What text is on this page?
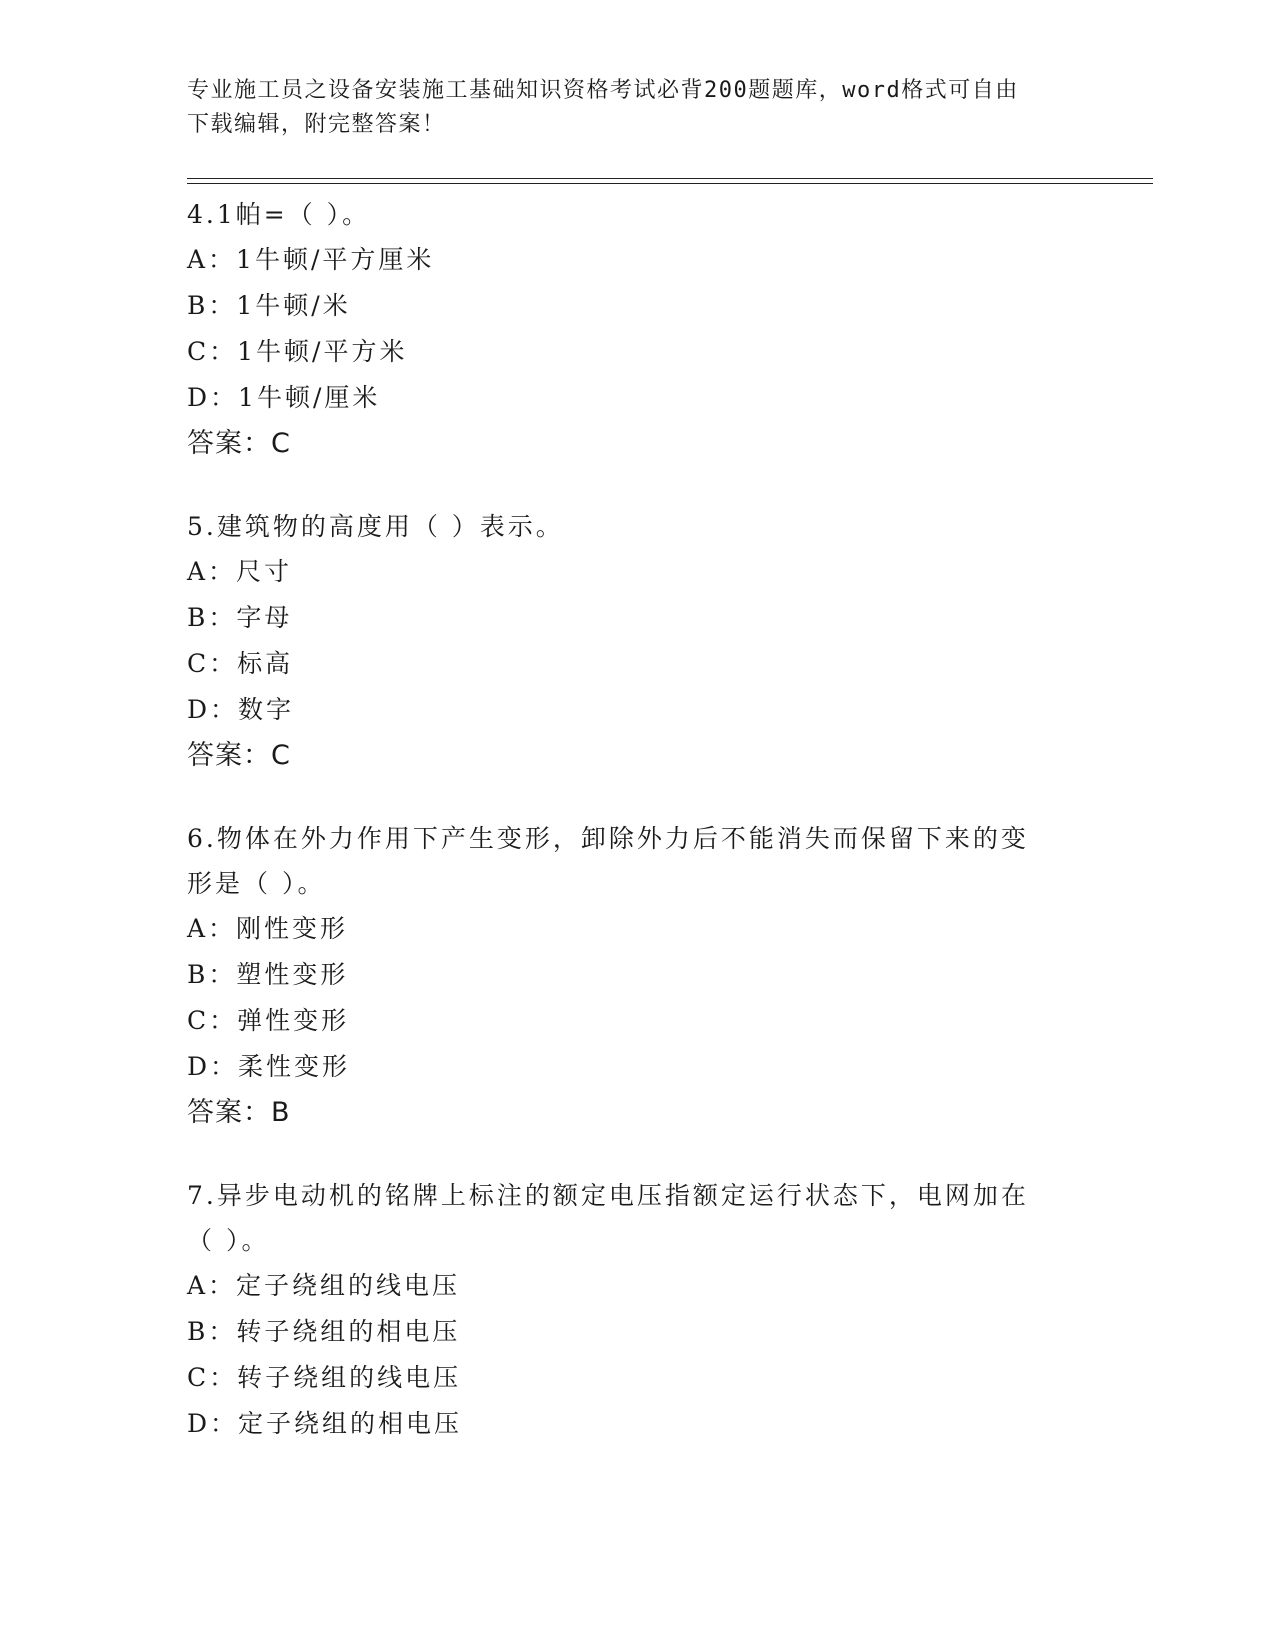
专业施工员之设备安装施工基础知识资格考试必背200题题库，word格式可自由
下载编辑，附完整答案！
4.1帕=（ ）。
A：1牛顿/平方厘米
B：1牛顿/米
C：1牛顿/平方米
D：1牛顿/厘米
答案：C
5.建筑物的高度用（ ）表示。
A：尺寸
B：字母
C：标高
D：数字
答案：C
6.物体在外力作用下产生变形，卸除外力后不能消失而保留下来的变
形是（ ）。
A：刚性变形
B：塑性变形
C：弹性变形
D：柔性变形
答案：B
7.异步电动机的铭牌上标注的额定电压指额定运行状态下，电网加在
（ ）。
A：定子绕组的线电压
B：转子绕组的相电压
C：转子绕组的线电压
D：定子绕组的相电压
